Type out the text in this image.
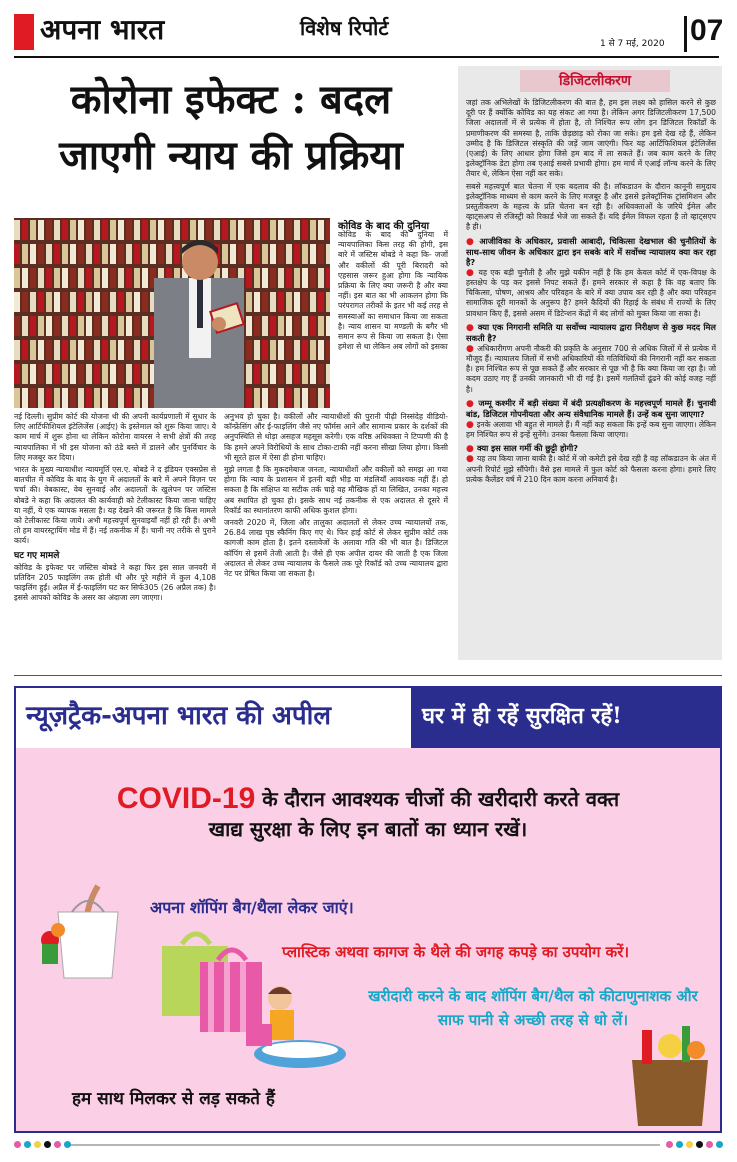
अपना भारत	विशेष रिपोर्ट
1 से 7 मई, 2020 07
कोरोना इफेक्ट : बदल
जाएगी न्याय की प्रक्रिया
कोविड के बाद की दुनिया
कोविड के बाद की दुनिया में न्यायपालिका किस तरह की होगी, इस बारे में जस्टिस बोबडे ने कहा कि- जजों और वकीलों की पूरी बिरादरी को एहसास जरूर हुआ होगा कि न्यायिक प्रक्रिया के लिए क्या जरूरी है और क्या नहीं। इस बात का भी आकलन होगा कि परंपरागत तरीकों के इतर भी कई तरह से समस्याओं का समाधान किया जा सकता है। न्याय शासन या मण्डली के बगैर भी समान रूप से किया जा सकता है। ऐसा हमेशा से था लेकिन अब लोगों को इसका

नई दिल्ली। सुप्रीम कोर्ट की योजना थी की अपनी कार्यप्रणाली में सुधार के लिए आर्टिफीशियल इंटेलिजेंस (आईए) के इस्तेमाल को शुरू किया जाए। ये काम मार्च में शुरू होना था लेकिन कोरोना वायरस ने सभी क्षेत्रों की तरह न्यायपालिका में भी इस योजना को ठंडे बस्ते में डालने और पुनर्विचार के लिए मजबूर कर दिया।

भारत के मुख्य न्यायाधीश न्यायमूर्ति एस.ए. बोबडे ने द इंडियन एक्सप्रेस से बातचीत में कोविड के बाद के युग में अदालतों के बारे में अपने विज़न पर चर्चा की। वेबकास्ट, वेब सुनवाई और अदालतों के खुलेपन पर जस्टिस बोबडे ने कहा कि अदालत की कार्यवाही को टेलीकास्ट किया जाना चाहिए या नहीं, ये एक व्यापक मसला है। यह देखने की जरूरत है कि किस मामले को टेलीकास्ट किया जाये। अभी महत्त्वपूर्ण सुनवाइयाँ नहीं हो रही हैं। अभी तो हम वायरस्ट्रायिंग मोड में हैं। नई तकनीक में हैं। चानी नए तरीके से पुराने कार्य।

घट गए मामले

कोविड के इफेक्ट पर जस्टिस बोबडे ने कहा फिर इस साल जनवरी में प्रतिदिन 205 फाइलिंग तक होती थी और पूरे महीने में कुल 4,108 फाइलिंग हुईं। अप्रैल में ई-फाइलिंग घट कर सिर्फ305 (26 अप्रैल तक) है। इससे आपको कोविड के असर का अंदाजा लग जाएगा।

अनुभव हो चुका है। वकीलों और न्यायाधीशों की पुरानी पीढ़ी निस्संदेह वीडियो-कॉन्फ्रेंसिंग और ई-फाइलिंग जैसे नए फॉर्मस आने और सामान्य प्रकार के दर्शकों की अनुपस्थिति से थोड़ा असहज महसूस करेगी। एक वरिष्ठ अधिवक्ता ने टिप्पणी की है कि हमने अपने विरोधियों के साथ टोका-टाकी नहीं करना सीखा लिया होगा। किसी भी सूरते हाल में ऐसा ही होना चाहिए।

मुझे लगता है कि मुकदमेबाज जनता, न्यायाधीशों और वकीलों को समझ आ गया होगा कि न्याय के प्रशासन में इतनी बड़ी भीड़ या मंडलियाँ आवश्यक नहीं हैं। हो सकता है कि संक्षिप्त या सटीक तर्क चाहे वह मौखिक हों या लिखित, उनका महत्त्व अब स्थापित हो चुका हो। इसके साथ नई तकनीक से एक अदालत से दूसरे में रिकॉर्ड का स्थानांतरण काफी अधिक कुशल होगा।

जनवरी 2020 में, जिला और तालुका अदालतों से लेकर उच्च न्यायालयों तक, 26.84 लाख पृष्ठ स्कैनिंग किए गए थे। फिर हाई कोर्ट से लेकर सुप्रीम कोर्ट तक कागजी काम होता है। इतने दस्तावेजों के अलावा गति की भी बात है। डिजिटल कॉपिंग से इसमें तेजी आती है। जैसे ही एक अपील दायर की जाती है एक जिला अदालत से लेकर उच्च न्यायालय के फैसले तक पूरे रिकॉर्ड को उच्च न्यायालय द्वारा नेट पर प्रेषित किया जा सकता है।

डिजिटलीकरण

जहां तक अभिलेखों के डिजिटलीकरण की बात है, हम इस लक्ष्य को हासिल करने से कुछ दूरी पर हैं क्योंकि कोविड का यह संकट आ गया है। लेकिन अगर डिजिटलीकरण 17,500 जिला अदालतों में से प्रत्येक में होता है, तो निश्चित रूप लोग इन डिजिटल रिकॉर्डों के प्रमाणीकरण की समस्या है, ताकि छेड़छाड़ को रोका जा सके। हम इसे देख रहे हैं, लेकिन उम्मीद है कि डिजिटल संस्कृति की जड़ें जाम जाएंगी। फिर यह आर्टिफिशियल इंटेलिजेंस (एआई) के लिए आधार होगा जिसे हम बाद में ला सकते हैं। जब काम करने के लिए इलेक्ट्रॉनिक डेटा होगा तब एआई सबसे प्रभावी होगा। हम मार्च में एआई लॉन्च करने के लिए तैयार थे, लेकिन ऐसा नहीं कर सके।

सबसे महत्त्वपूर्ण बात चेतना में एक बदलाव की है। लॉकडाउन के दौरान कानूनी समुदाय इलेक्ट्रॉनिक माध्यम से काम करने के लिए मजबूर है और इससे इलेक्ट्रॉनिक ट्रांसमिशन और प्रस्तुतीकरण के महत्त्व के प्रति चेतना बन रही है। अधिवक्ताओं के जरिये ईमेल और व्हाट्सअप से रजिस्ट्री को रिकार्ड भेजे जा सकते हैं। यदि ईमेल विफल रहता है तो व्हाट्सएप है ही।

● आजीविका के अधिकार, प्रवासी आबादी, चिकित्सा देखभाल की चुनौतियों के साथ-साथ जीवन के अधिकार द्वारा इन सबके बारे में सर्वोच्च न्यायालय क्या कर रहा है?
● यह एक बड़ी चुनौती है और मुझे यकीन नहीं है कि हम केवल कोर्ट में एक-विपक्ष के हस्तक्षेप के पड़ कर इससे निपट सकते हैं। हमने सरकार से कहा है कि वह बताए कि चिकित्सा, पोषण, आश्रय और परिवहन के बारे में क्या उपाय कर रही है और क्या परिवहन सामाजिक दूरी मानकों के अनुरूप है? हमने कैदियों की रिहाई के संबंध में राज्यों के लिए प्रावधान किए हैं, इससे असम में डिटेन्शन केंद्रों में बंद लोगों को मुक्त किया जा सका है।
● क्या एक निगरानी समिति या सर्वोच्च न्यायालय द्वारा निरीक्षण से कुछ मदद मिल सकती है?
● अधिकारीगण अपनी नौकरी की प्रकृति के अनुसार 700 से अधिक जिलों में से प्रत्येक में मौजूद हैं। न्यायालय जिलों में सभी अधिकारियों की गतिविधियों की निगरानी नहीं कर सकता है। हम निश्चित रूप से पूछ सकते हैं और सरकार से पूछ भी है कि क्या किया जा रहा है। जो कदम उठाए गए हैं उनकी जानकारी भी दी गई है। इसमें गलतियों ढूंढने की कोई वजह नहीं है।
● जम्मू कश्मीर में बड़ी संख्या में बंदी प्रत्यक्षीकरण के महत्त्वपूर्ण मामले हैं। चुनावी बांड, डिजिटल गोपनीयता और अन्य संवैधानिक मामले हैं। उन्हें कब सुना जाएगा?
● इनके अलावा भी बहुत से मामले हैं। मैं नहीं कह सकता कि इन्हें कब सुना जाएगा। लेकिन हम निश्चित रूप से इन्हें सुनेंगे। उनका फैसला किया जाएगा।
● क्या इस साल गर्मी की छुट्टी होगी?
● यह तय किया जाना बाकी है। कोर्ट में जो कमेटी इसे देख रही है वह लॉकडाउन के अंत में अपनी रिपोर्ट मुझे सौंपेगी। वैसे इस मामले में फुल कोर्ट को फैसला करना होगा। हमारे लिए प्रत्येक कैलेंडर वर्ष में 210 दिन काम करना अनिवार्य है।
न्यूज़ट्रैक-अपना भारत की अपील	घर में ही रहें सुरक्षित रहें!
COVID-19 के दौरान आवश्यक चीजों की खरीदारी करते वक्त
खाद्य सुरक्षा के लिए इन बातों का ध्यान रखें।
अपना शॉपिंग बैग/थैला लेकर जाएं।
प्लास्टिक अथवा कागज के थैले की जगह कपड़े का उपयोग करें।
खरीदारी करने के बाद शॉपिंग बैग/थैल को कीटाणुनाशक और साफ पानी से अच्छी तरह से धो लें।
हम साथ मिलकर से लड़ सकते हैं
